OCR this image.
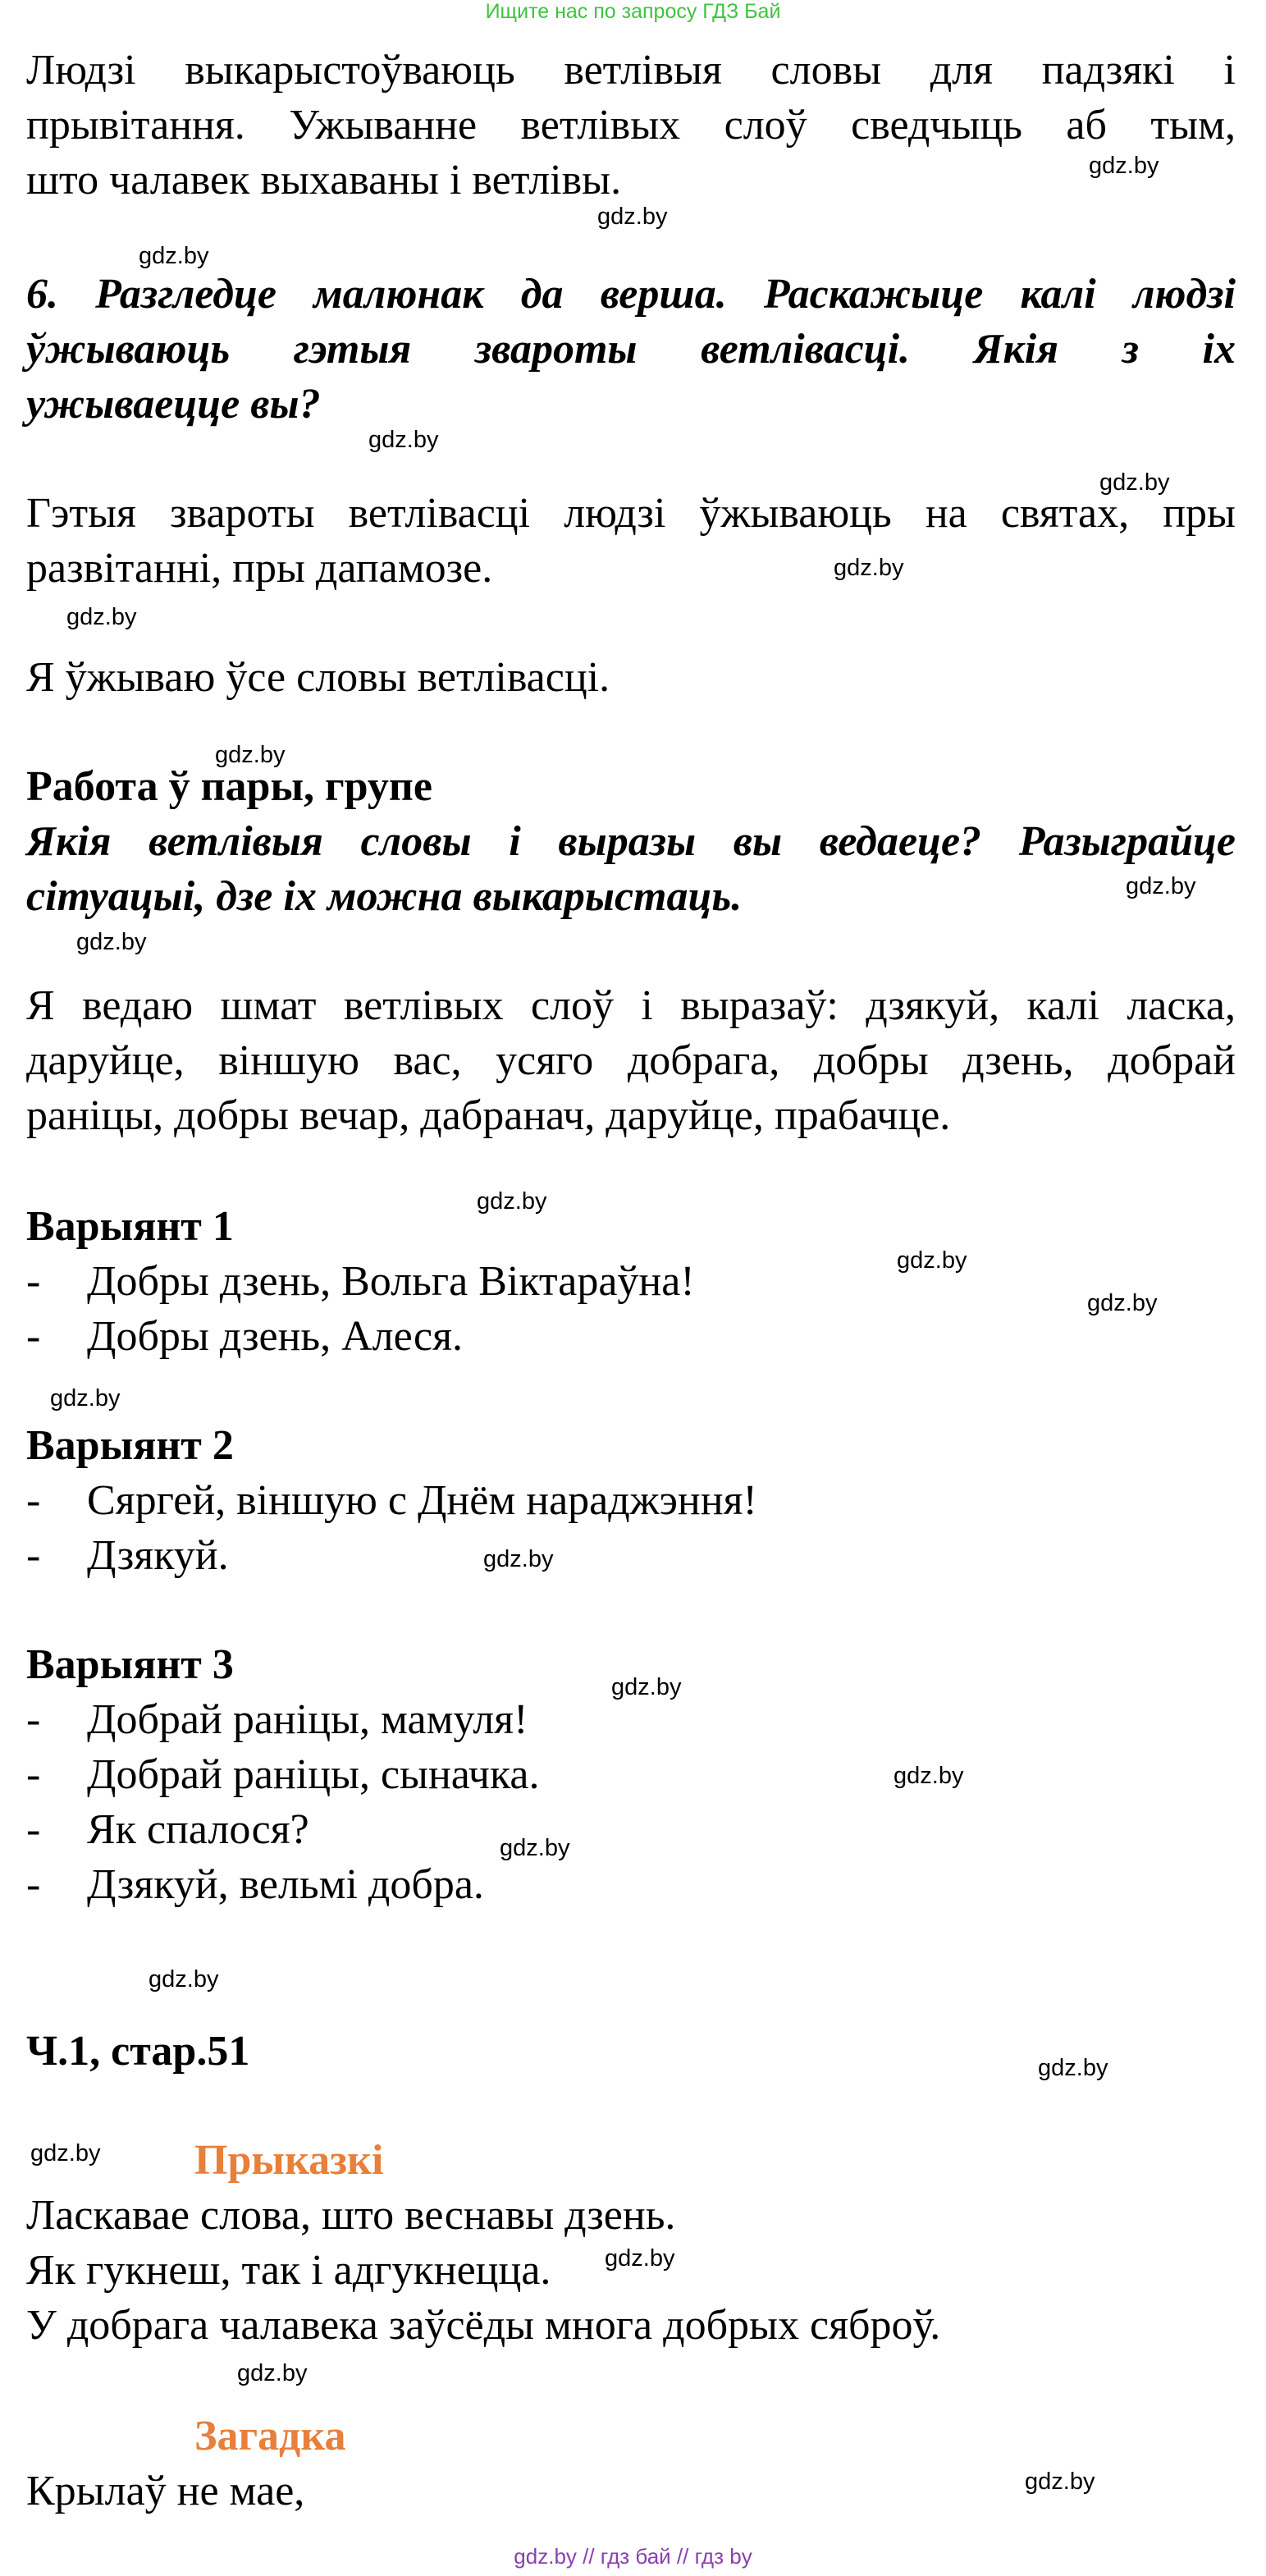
Ищите нас по запросу ГДЗ Бай
Людзі выкарыстоўваюць ветлівыя словы для падзякі і
прывітання. Ужыванне ветлівых слоў сведчыць аб тым,
што чалавек выхаваны і ветлівы.
6. Разгледце малюнак да верша. Раскажыце калі людзі
ўжываюць гэтыя звароты ветлівасці. Якія з іх
ужываецце вы?
Гэтыя звароты ветлівасці людзі ўжываюць на святах, пры
развітанні, пры дапамозе.
Я ўжываю ўсе словы ветлівасці.
Работа ў пары, групе
Якія ветлівыя словы і выразы вы ведаеце? Разыграйце
сітуацыі, дзе іх можна выкарыстаць.
Я ведаю шмат ветлівых слоў і выразаў: дзякуй, калі ласка,
даруйце, віншую вас, усяго добрага, добры дзень, добрай
раніцы, добры вечар, дабранач, даруйце, прабачце.
Варыянт 1
- Добры дзень, Вольга Віктараўна!
- Добры дзень, Алеся.
Варыянт 2
- Сяргей, віншую с Днём нараджэння!
- Дзякуй.
Варыянт 3
- Добрай раніцы, мамуля!
- Добрай раніцы, сыначка.
- Як спалося?
- Дзякуй, вельмі добра.
Ч.1, стар.51
Прыказкі
Ласкавае слова, што веснавы дзень.
Як гукнеш, так і адгукнецца.
У добрага чалавека заўсёды многа добрых сяброў.
Загадка
Крылаў не мае,
gdz.by
gdz.by
gdz.by
gdz.by
gdz.by
gdz.by
gdz.by
gdz.by
gdz.by
gdz.by
gdz.by
gdz.by
gdz.by
gdz.by
gdz.by
gdz.by
gdz.by
gdz.by
gdz.by
gdz.by
gdz.by
gdz.by
gdz.by
gdz.by
gdz.by // гдз бай // гдз by
